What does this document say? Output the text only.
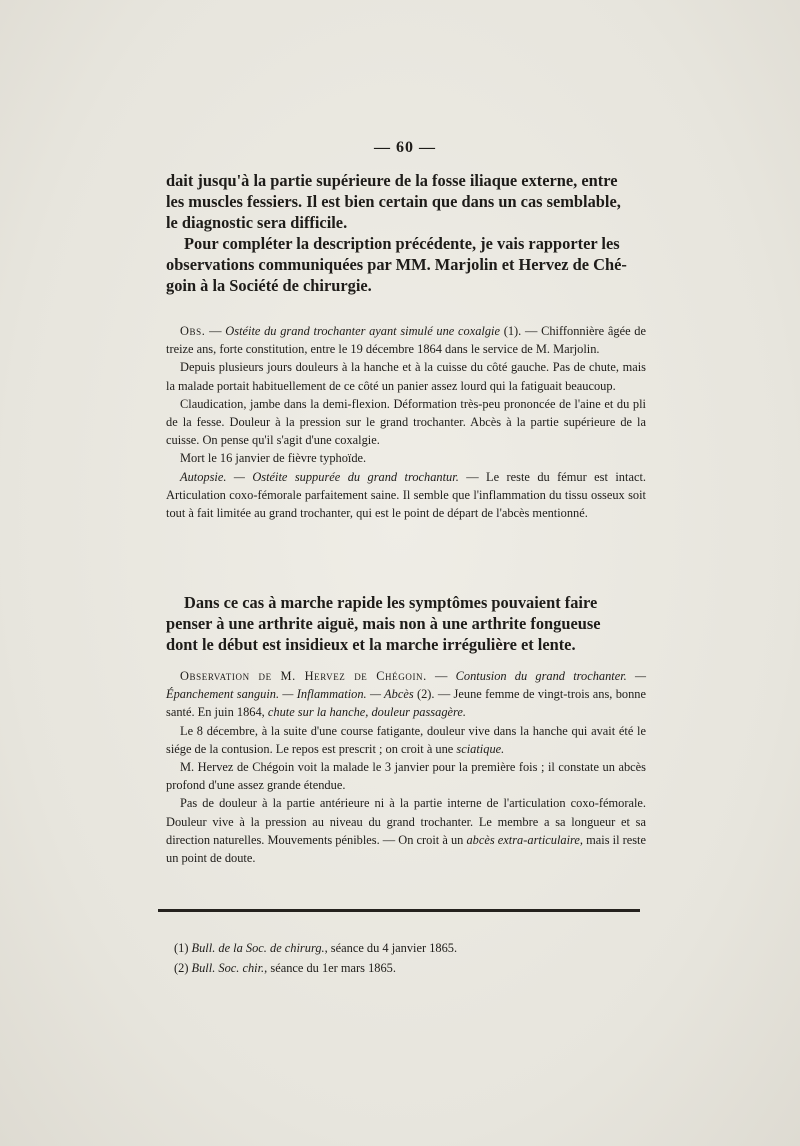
— 60 —
dait jusqu'à la partie supérieure de la fosse iliaque externe, entre
les muscles fessiers. Il est bien certain que dans un cas semblable,
le diagnostic sera difficile.
Pour compléter la description précédente, je vais rapporter les
observations communiquées par MM. Marjolin et Hervez de Ché-
goin à la Société de chirurgie.

Obs. — Ostéite du grand trochanter ayant simulé une coxalgie (1). — Chiffonnière âgée de treize ans, forte constitution, entre le 19 décembre 1864 dans le service de M. Marjolin.

Depuis plusieurs jours douleurs à la hanche et à la cuisse du côté gauche. Pas de chute, mais la malade portait habituellement de ce côté un panier assez lourd qui la fatiguait beaucoup.

Claudication, jambe dans la demi-flexion. Déformation très-peu prononcée de l'aine et du pli de la fesse. Douleur à la pression sur le grand trochanter. Abcès à la partie supérieure de la cuisse. On pense qu'il s'agit d'une coxalgie.

Mort le 16 janvier de fièvre typhoïde.

Autopsie. — Ostéite suppurée du grand trochantur. — Le reste du fémur est intact. Articulation coxo-fémorale parfaitement saine. Il semble que l'inflammation du tissu osseux soit tout à fait limitée au grand trochanter, qui est le point de départ de l'abcès mentionné.

Dans ce cas à marche rapide les symptômes pouvaient faire
penser à une arthrite aiguë, mais non à une arthrite fongueuse
dont le début est insidieux et la marche irrégulière et lente.

Observation de M. Hervez de Chégoin. — Contusion du grand trochanter. — Épanchement sanguin. — Inflammation. — Abcès (2). — Jeune femme de vingt-trois ans, bonne santé. En juin 1864, chute sur la hanche, douleur passagère.

Le 8 décembre, à la suite d'une course fatigante, douleur vive dans la hanche qui avait été le siége de la contusion. Le repos est prescrit ; on croit à une sciatique.

M. Hervez de Chégoin voit la malade le 3 janvier pour la première fois ; il constate un abcès profond d'une assez grande étendue.

Pas de douleur à la partie antérieure ni à la partie interne de l'articulation coxo-fémorale. Douleur vive à la pression au niveau du grand trochanter. Le membre a sa longueur et sa direction naturelles. Mouvements pénibles. — On croit à un abcès extra-articulaire, mais il reste un point de doute.

(1) Bull. de la Soc. de chirurg., séance du 4 janvier 1865.

(2) Bull. Soc. chir., séance du 1er mars 1865.
